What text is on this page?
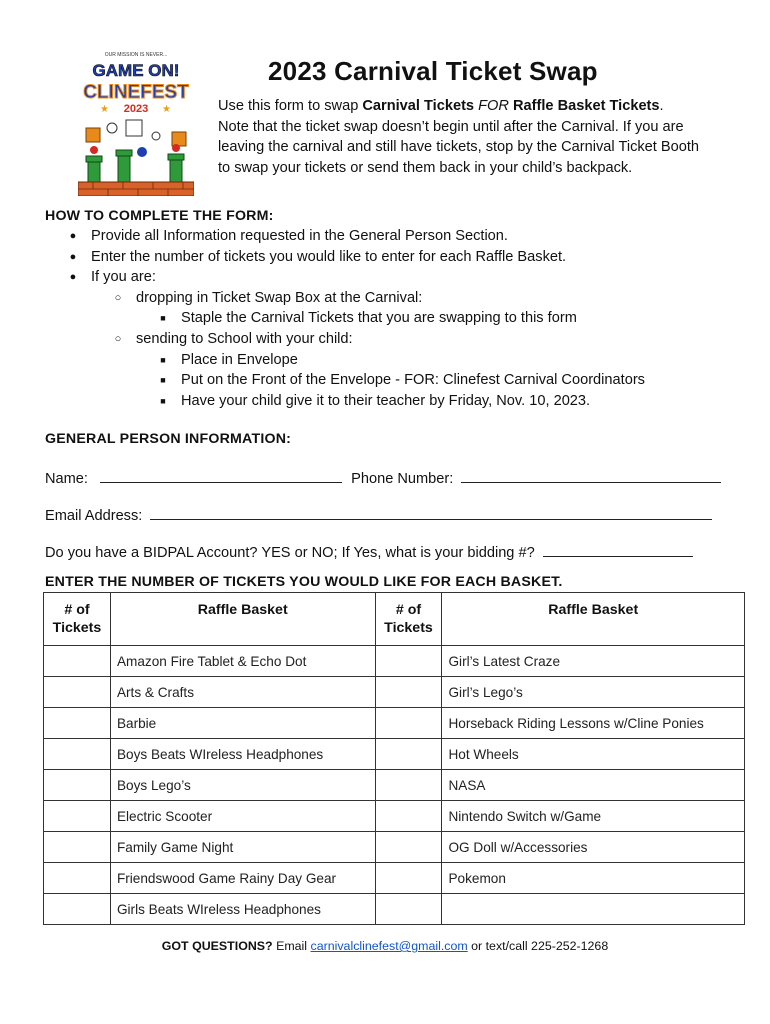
OUR MISSION IS NEVER...
GAME ON!
CLINEFEST
★ 2023 ★
2023 Carnival Ticket Swap
Use this form to swap Carnival Tickets FOR Raffle Basket Tickets.
Note that the ticket swap doesn’t begin until after the Carnival. If you are
leaving the carnival and still have tickets, stop by the Carnival Ticket Booth
to swap your tickets or send them back in your child’s backpack.
HOW TO COMPLETE THE FORM:
● Provide all Information requested in the General Person Section.
● Enter the number of tickets you would like to enter for each Raffle Basket.
● If you are:
○ dropping in Ticket Swap Box at the Carnival:
■ Staple the Carnival Tickets that you are swapping to this form
○ sending to School with your child:
■ Place in Envelope
■ Put on the Front of the Envelope - FOR: Clinefest Carnival Coordinators
■ Have your child give it to their teacher by Friday, Nov. 10, 2023.
GENERAL PERSON INFORMATION:
Name:	Phone Number:
Email Address:
Do you have a BIDPAL Account? YES or NO; If Yes, what is your bidding #?
ENTER THE NUMBER OF TICKETS YOU WOULD LIKE FOR EACH BASKET.
# of
Tickets	Raffle Basket	# of
Tickets	Raffle Basket
	Amazon Fire Tablet & Echo Dot		Girl’s Latest Craze
	Arts & Crafts		Girl’s Lego’s
	Barbie		Horseback Riding Lessons w/Cline Ponies
	Boys Beats WIreless Headphones		Hot Wheels
	Boys Lego’s		NASA
	Electric Scooter		Nintendo Switch w/Game
	Family Game Night		OG Doll w/Accessories
	Friendswood Game Rainy Day Gear		Pokemon
	Girls Beats WIreless Headphones		
GOT QUESTIONS? Email carnivalclinefest@gmail.com or text/call 225-252-1268
